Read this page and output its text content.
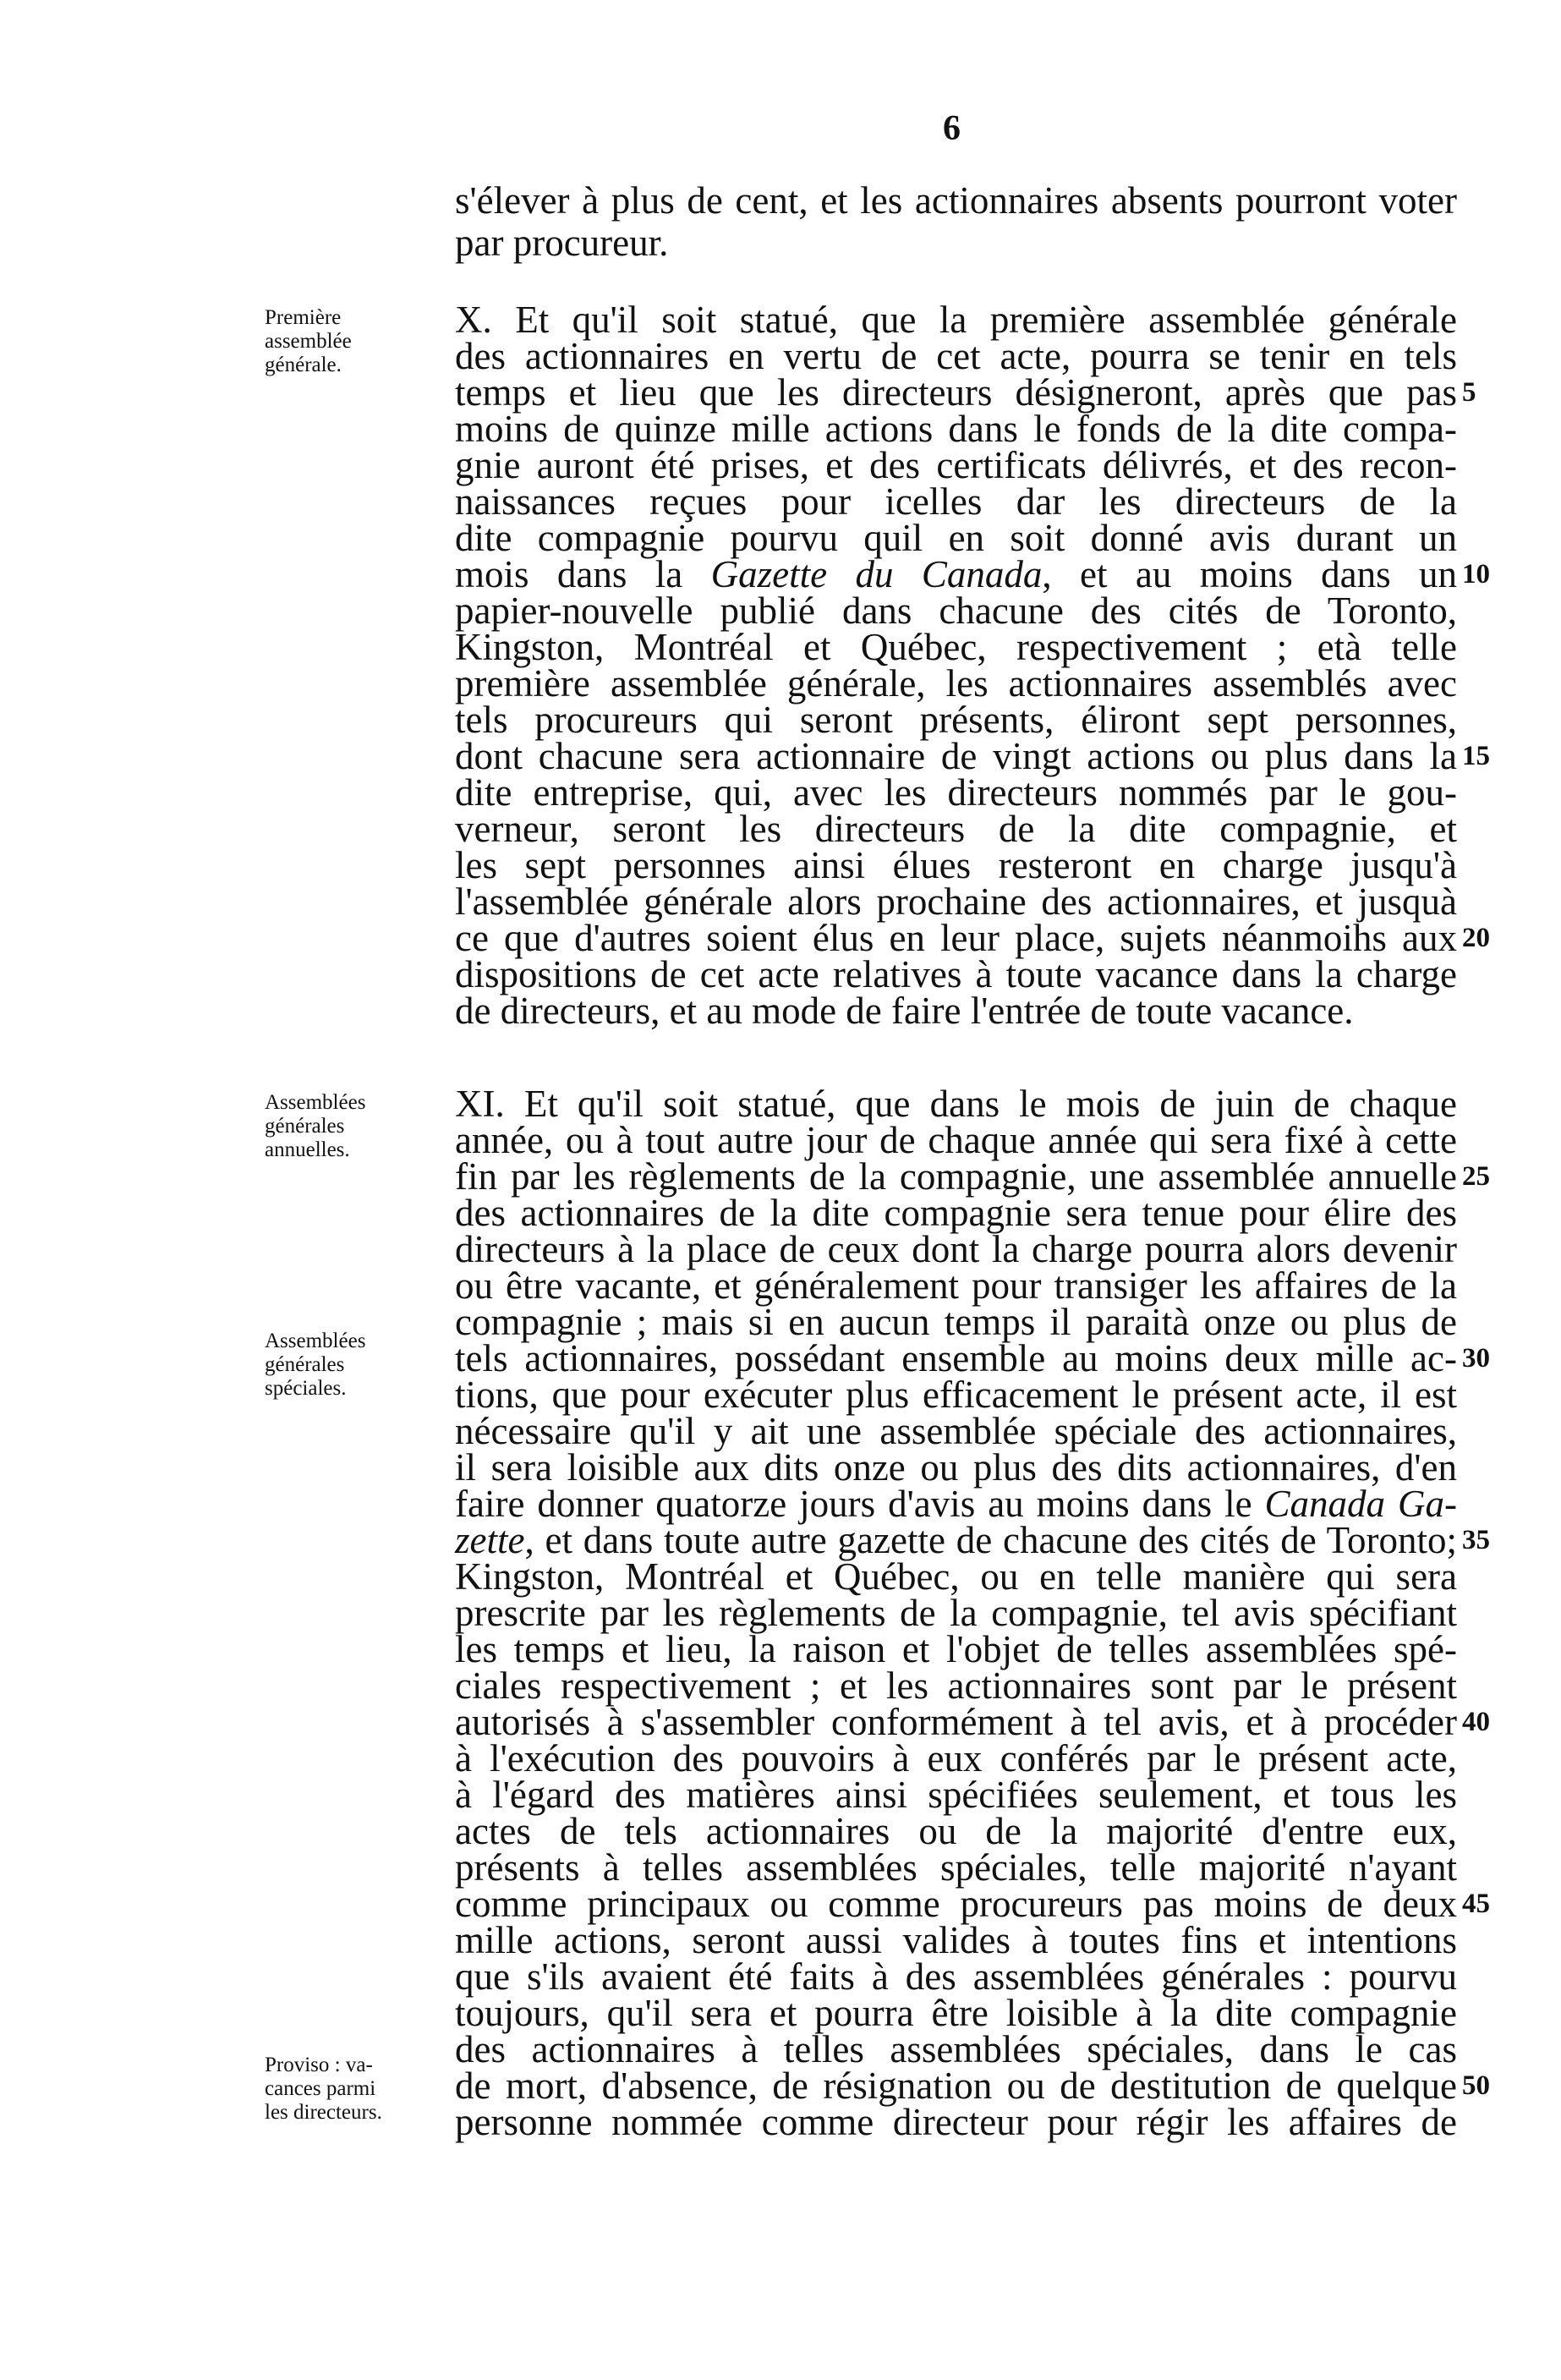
6

Première
assemblée
générale.

Assemblées
générales
annuelles.

Assemblées
générales
spéciales.

Proviso : va-
cances parmi
les directeurs.

s'élever à plus de cent, et les actionnaires absents pourront voter
par procureur.
X. Et qu'il soit statué, que la première assemblée générale
des actionnaires en vertu de cet acte, pourra se tenir en tels
temps et lieu que les directeurs désigneront, après que pas
moins de quinze mille actions dans le fonds de la dite compa-
gnie auront été prises, et des certificats délivrés, et des recon-
naissances reçues pour icelles dar les directeurs de la
dite compagnie pourvu quil en soit donné avis durant un
mois dans la Gazette du Canada, et au moins dans un
papier-nouvelle publié dans chacune des cités de Toronto,
Kingston, Montréal et Québec, respectivement ; età telle
première assemblée générale, les actionnaires assemblés avec
tels procureurs qui seront présents, éliront sept personnes,
dont chacune sera actionnaire de vingt actions ou plus dans la
dite entreprise, qui, avec les directeurs nommés par le gou-
verneur, seront les directeurs de la dite compagnie, et
les sept personnes ainsi élues resteront en charge jusqu'à
l'assemblée générale alors prochaine des actionnaires, et jusquà
ce que d'autres soient élus en leur place, sujets néanmoihs aux
dispositions de cet acte relatives à toute vacance dans la charge
de directeurs, et au mode de faire l'entrée de toute vacance.
XI. Et qu'il soit statué, que dans le mois de juin de chaque
année, ou à tout autre jour de chaque année qui sera fixé à cette
fin par les règlements de la compagnie, une assemblée annuelle
des actionnaires de la dite compagnie sera tenue pour élire des
directeurs à la place de ceux dont la charge pourra alors devenir
ou être vacante, et généralement pour transiger les affaires de la
compagnie ; mais si en aucun temps il paraità onze ou plus de
tels actionnaires, possédant ensemble au moins deux mille ac-
tions, que pour exécuter plus efficacement le présent acte, il est
nécessaire qu'il y ait une assemblée spéciale des actionnaires,
il sera loisible aux dits onze ou plus des dits actionnaires, d'en
faire donner quatorze jours d'avis au moins dans le Canada Ga-
zette, et dans toute autre gazette de chacune des cités de Toronto;
Kingston, Montréal et Québec, ou en telle manière qui sera
prescrite par les règlements de la compagnie, tel avis spécifiant
les temps et lieu, la raison et l'objet de telles assemblées spé-
ciales respectivement ; et les actionnaires sont par le présent
autorisés à s'assembler conformément à tel avis, et à procéder
à l'exécution des pouvoirs à eux conférés par le présent acte,
à l'égard des matières ainsi spécifiées seulement, et tous les
actes de tels actionnaires ou de la majorité d'entre eux,
présents à telles assemblées spéciales, telle majorité n'ayant
comme principaux ou comme procureurs pas moins de deux
mille actions, seront aussi valides à toutes fins et intentions
que s'ils avaient été faits à des assemblées générales : pourvu
toujours, qu'il sera et pourra être loisible à la dite compagnie
des actionnaires à telles assemblées spéciales, dans le cas
de mort, d'absence, de résignation ou de destitution de quelque
personne nommée comme directeur pour régir les affaires de
5
10
15
20
25
30
35
40
45
50
